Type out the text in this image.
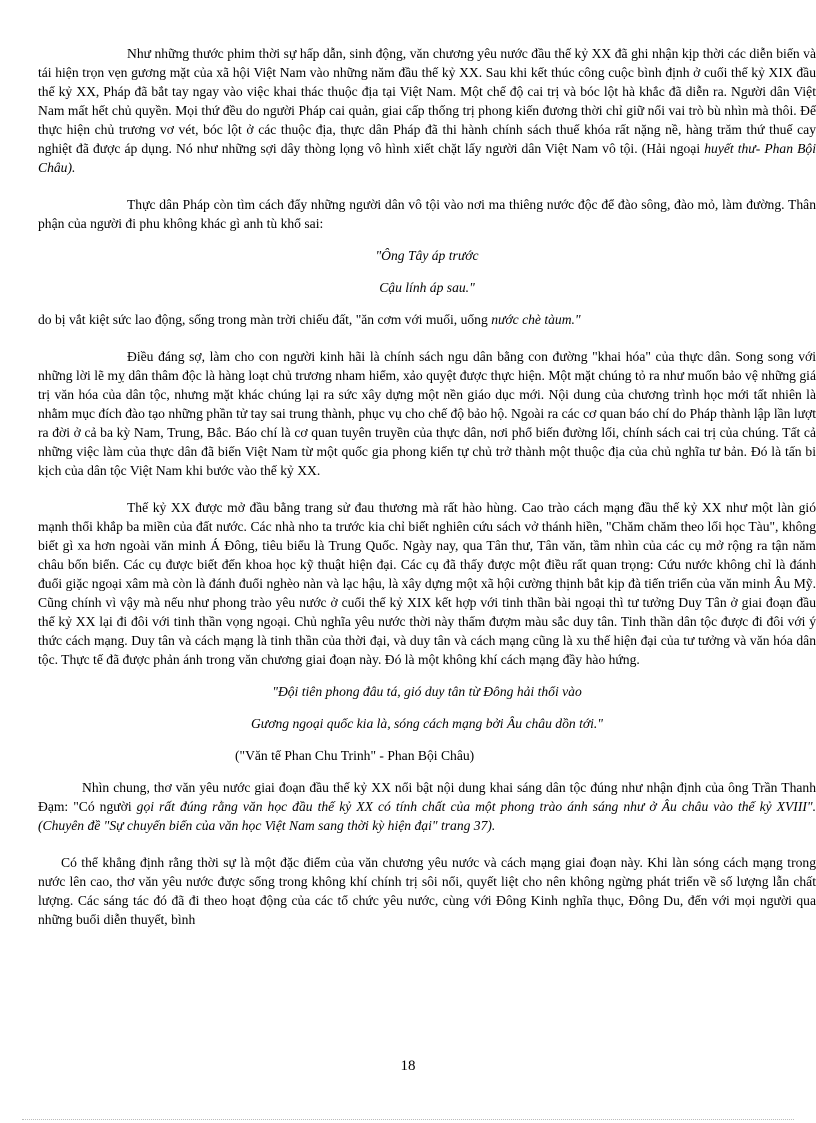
Như những thước phim thời sự hấp dẫn, sinh động, văn chương yêu nước đầu thế kỷ XX đã ghi nhận kịp thời các diễn biến và tái hiện trọn vẹn gương mặt của xã hội Việt Nam vào những năm đầu thế kỷ XX. Sau khi kết thúc công cuộc bình định ở cuối thế kỷ XIX đầu thế kỷ XX, Pháp đã bắt tay ngay vào việc khai thác thuộc địa tại Việt Nam. Một chế độ cai trị và bóc lột hà khắc đã diễn ra. Người dân Việt Nam mất hết chủ quyền. Mọi thứ đều do người Pháp cai quản, giai cấp thống trị phong kiến đương thời chỉ giữ nổi vai trò bù nhìn mà thôi. Để thực hiện chủ trương vơ vét, bóc lột ở các thuộc địa, thực dân Pháp đã thi hành chính sách thuế khóa rất nặng nề, hàng trăm thứ thuế cay nghiệt đã được áp dụng. Nó như những sợi dây thòng lọng vô hình xiết chặt lấy người dân Việt Nam vô tội. (Hải ngoại huyết thư- Phan Bội Châu).

Thực dân Pháp còn tìm cách đẩy những người dân vô tội vào nơi ma thiêng nước độc để đào sông, đào mỏ, làm đường. Thân phận của người đi phu không khác gì anh tù khổ sai:

"Ông Tây áp trước

Cậu lính áp sau."

do bị vắt kiệt sức lao động, sống trong màn trời chiếu đất, "ăn cơm với muối, uống nước chè tàum."

Điều đáng sợ, làm cho con người kinh hãi là chính sách ngu dân bằng con đường "khai hóa" của thực dân. Song song với những lời lẽ mỵ dân thâm độc là hàng loạt chủ trương nham hiểm, xảo quyệt được thực hiện. Một mặt chúng tỏ ra như muốn bảo vệ những giá trị văn hóa của dân tộc, nhưng mặt khác chúng lại ra sức xây dựng một nền giáo dục mới. Nội dung của chương trình học mới tất nhiên là nhằm mục đích đào tạo những phần tử tay sai trung thành, phục vụ cho chế độ bảo hộ. Ngoài ra các cơ quan báo chí do Pháp thành lập lần lượt ra đời ở cả ba kỳ Nam, Trung, Bắc. Báo chí là cơ quan tuyên truyền của thực dân, nơi phổ biến đường lối, chính sách cai trị của chúng. Tất cả những việc làm của thực dân đã biến Việt Nam từ một quốc gia phong kiến tự chủ trở thành một thuộc địa của chủ nghĩa tư bản. Đó là tấn bi kịch của dân tộc Việt Nam khi bước vào thế kỷ XX.

Thế kỷ XX được mở đầu bằng trang sử đau thương mà rất hào hùng. Cao trào cách mạng đầu thế kỷ XX như một làn gió mạnh thổi khắp ba miền của đất nước. Các nhà nho ta trước kia chỉ biết nghiên cứu sách vở thánh hiền, "Chăm chăm theo lối học Tàu", không biết gì xa hơn ngoài văn minh Á Đông, tiêu biểu là Trung Quốc. Ngày nay, qua Tân thư, Tân văn, tầm nhìn của các cụ mở rộng ra tận năm châu bốn biển. Các cụ được biết đến khoa học kỹ thuật hiện đại. Các cụ đã thấy được một điều rất quan trọng: Cứu nước không chỉ là đánh đuổi giặc ngoại xâm mà còn là đánh đuổi nghèo nàn và lạc hậu, là xây dựng một xã hội cường thịnh bắt kịp đà tiến triển của văn minh Âu Mỹ. Cũng chính vì vậy mà nếu như phong trào yêu nước ở cuối thế kỷ XIX kết hợp với tinh thần bài ngoại thì tư tưởng Duy Tân ở giai đoạn đầu thế kỷ XX lại đi đôi với tinh thần vọng ngoại. Chủ nghĩa yêu nước thời này thấm đượm màu sắc duy tân. Tinh thần dân tộc được đi đôi với ý thức cách mạng. Duy tân và cách mạng là tinh thần của thời đại, và duy tân và cách mạng cũng là xu thế hiện đại của tư tưởng và văn hóa dân tộc. Thực tế đã được phản ánh trong văn chương giai đoạn này. Đó là một không khí cách mạng đầy hào hứng.

"Đội tiên phong đâu tá, gió duy tân từ Đông hải thổi vào

Gương ngoại quốc kia là, sóng cách mạng bởi Âu châu dồn tới."

("Văn tế Phan Chu Trinh" - Phan Bội Châu)

Nhìn chung, thơ văn yêu nước giai đoạn đầu thế kỷ XX nổi bật nội dung khai sáng dân tộc đúng như nhận định của ông Trần Thanh Đạm: "Có người gọi rất đúng rằng văn học đầu thế kỷ XX có tính chất của một phong trào ánh sáng như ở Âu châu vào thế kỷ XVIII". (Chuyên đề "Sự chuyển biến của văn học Việt Nam sang thời kỳ hiện đại" trang 37).

Có thể khẳng định rằng thời sự là một đặc điểm của văn chương yêu nước và cách mạng giai đoạn này. Khi làn sóng cách mạng trong nước lên cao, thơ văn yêu nước được sống trong không khí chính trị sôi nổi, quyết liệt cho nên không ngừng phát triển về số lượng lẫn chất lượng. Các sáng tác đó đã đi theo hoạt động của các tổ chức yêu nước, cùng với Đông Kinh nghĩa thục, Đông Du, đến với mọi người qua những buổi diễn thuyết, bình

18
